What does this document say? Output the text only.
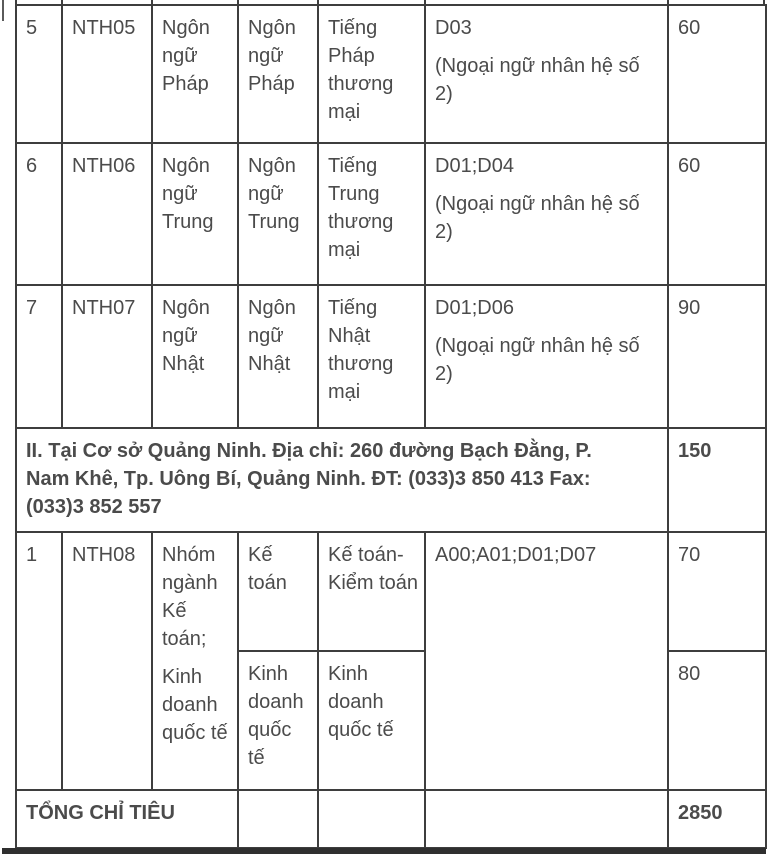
5	NTH05	Ngôn ngữ Pháp	Ngôn ngữ Pháp	Tiếng Pháp thương mại	D03
(Ngoại ngữ nhân hệ số 2)	60
6	NTH06	Ngôn ngữ Trung	Ngôn ngữ Trung	Tiếng Trung thương mại	D01;D04
(Ngoại ngữ nhân hệ số 2)	60
7	NTH07	Ngôn ngữ Nhật	Ngôn ngữ Nhật	Tiếng Nhật thương mại	D01;D06
(Ngoại ngữ nhân hệ số 2)	90

II. Tại Cơ sở Quảng Ninh. Địa chỉ: 260 đường Bạch Đằng, P.
Nam Khê, Tp. Uông Bí, Quảng Ninh. ĐT: (033)3 850 413 Fax:
(033)3 852 557						150
1	NTH08	Nhóm ngành Kế toán;
Kinh doanh quốc tế	Kế toán	Kế toán-Kiểm toán	A00;A01;D01;D07	70
			Kinh doanh quốc tế	Kinh doanh quốc tế		80
TỔNG CHỈ TIÊU						2850
